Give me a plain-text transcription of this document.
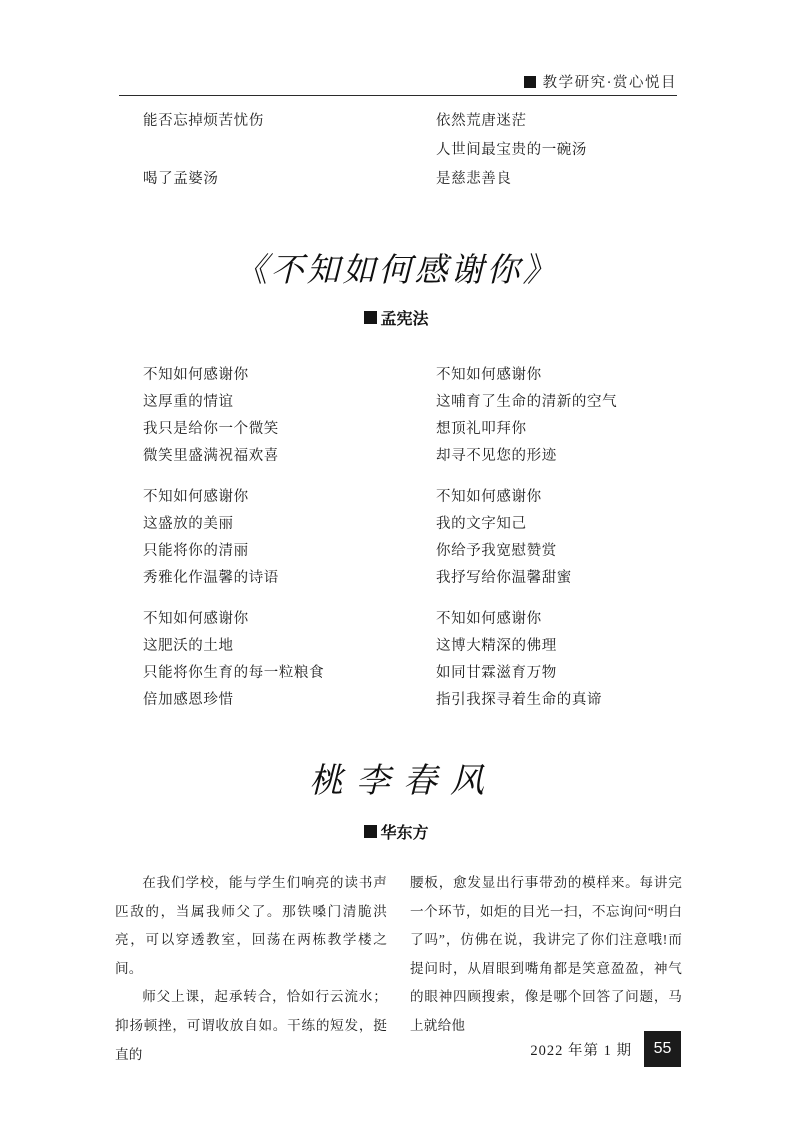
教学研究·赏心悦目
能否忘掉烦苦忧伤	依然荒唐迷茫
人世间最宝贵的一碗汤
喝了孟婆汤	是慈悲善良
《不知如何感谢你》
孟宪法
不知如何感谢你
这厚重的情谊
我只是给你一个微笑
微笑里盛满祝福欢喜
不知如何感谢你
这哺育了生命的清新的空气
想顶礼叩拜你
却寻不见您的形迹
不知如何感谢你
这盛放的美丽
只能将你的清丽
秀雅化作温馨的诗语
不知如何感谢你
我的文字知己
你给予我宽慰赞赏
我抒写给你温馨甜蜜
不知如何感谢你
这肥沃的土地
只能将你生育的每一粒粮食
倍加感恩珍惜
不知如何感谢你
这博大精深的佛理
如同甘霖滋育万物
指引我探寻着生命的真谛
桃李春风
华东方

在我们学校，能与学生们响亮的读书声匹敌的，当属我师父了。那铁嗓门清脆洪亮，可以穿透教室，回荡在两栋教学楼之间。

师父上课，起承转合，恰如行云流水；抑扬顿挫，可谓收放自如。干练的短发，挺直的

腰板，愈发显出行事带劲的模样来。每讲完一个环节，如炬的目光一扫，不忘询问“明白了吗”，仿佛在说，我讲完了你们注意哦!而提问时，从眉眼到嘴角都是笑意盈盈，神气的眼神四顾搜索，像是哪个回答了问题，马上就给他

2022 年第 1 期	55
